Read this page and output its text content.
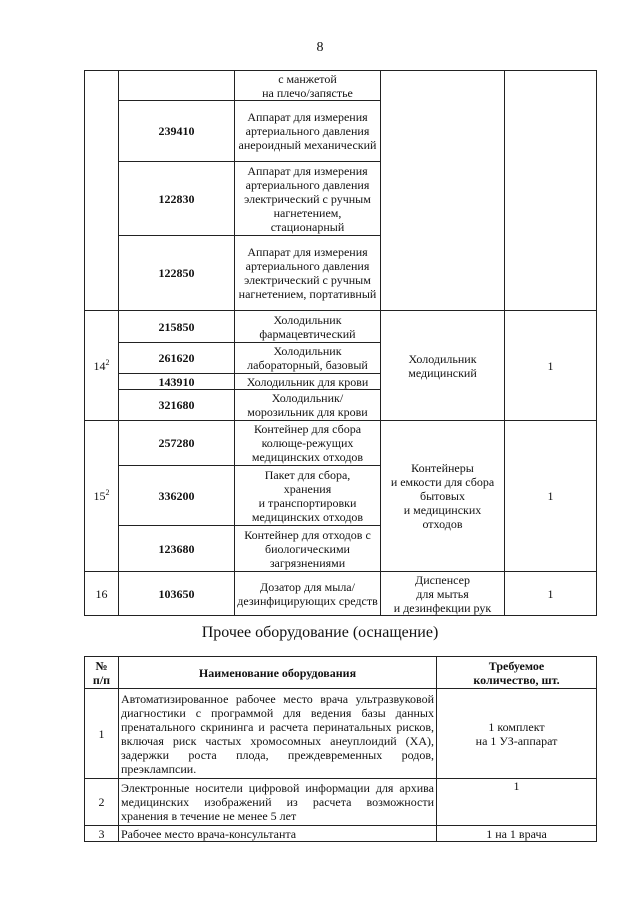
8
		с манжетой
на плечо/запястье		
	239410	Аппарат для измерения артериального давления анероидный механический		
	122830	Аппарат для измерения артериального давления электрический с ручным нагнетением, стационарный		
	122850	Аппарат для измерения артериального давления электрический с ручным нагнетением, портативный		
$14^2$	215850	Холодильник фармацевтический	Холодильник медицинский	1
	261620	Холодильник лабораторный, базовый		
	143910	Холодильник для крови		
	321680	Холодильник/ морозильник для крови		
$15^2$	257280	Контейнер для сбора колюще-режущих медицинских отходов	Контейнеры
и емкости для сбора
бытовых
и медицинских
отходов	1
	336200	Пакет для сбора,
хранения
и транспортировки медицинских отходов		
	123680	Контейнер для отходов с биологическими загрязнениями		
16	103650	Дозатор для мыла/ дезинфицирующих средств	Диспенсер
для мытья
и дезинфекции рук	1
Прочее оборудование (оснащение)
№
п/п	Наименование оборудования	Требуемое
количество, шт.
1	Автоматизированное рабочее место врача ультразвуковой диагностики с программой для ведения базы данных пренатального скрининга и расчета перинатальных рисков, включая риск частых хромосомных анеуплоидий (ХА), задержки роста плода, преждевременных родов, преэклампсии.	1 комплект
на 1 УЗ-аппарат
2	Электронные носители цифровой информации для архива медицинских изображений из расчета возможности хранения в течение не менее 5 лет	1
3	Рабочее место врача-консультанта	1 на 1 врача
